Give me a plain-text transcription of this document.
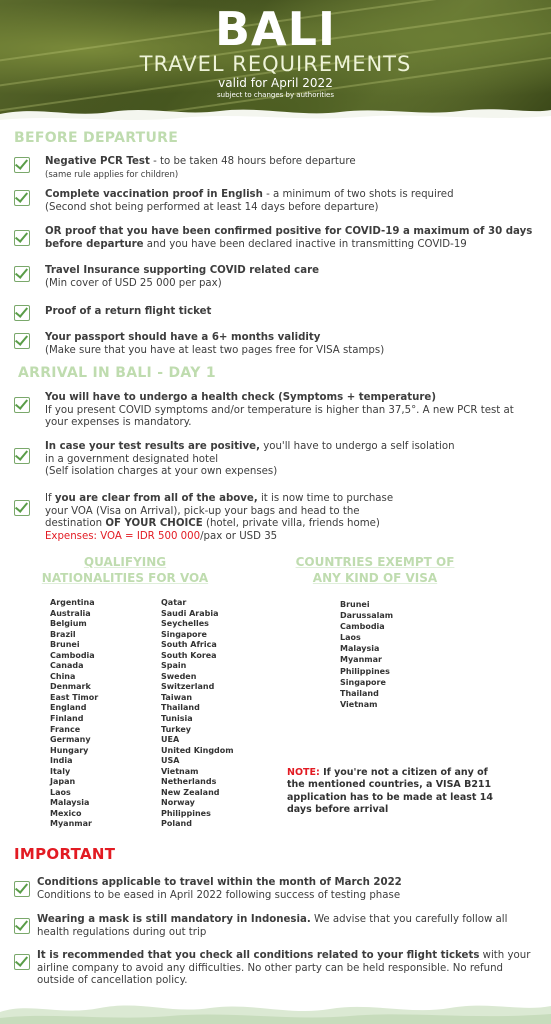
BALI
TRAVEL REQUIREMENTS
valid for April 2022
subject to changes by authorities
BEFORE DEPARTURE
Negative PCR Test - to be taken 48 hours before departure
(same rule applies for children)
Complete vaccination proof in English - a minimum of two shots is required
(Second shot being performed at least 14 days before departure)
OR proof that you have been confirmed positive for COVID-19 a maximum of 30 days before departure and you have been declared inactive in transmitting COVID-19
Travel Insurance supporting COVID related care
(Min cover of USD 25 000 per pax)
Proof of a return flight ticket
Your passport should have a 6+ months validity
(Make sure that you have at least two pages free for VISA stamps)
ARRIVAL IN BALI - DAY 1
You will have to undergo a health check (Symptoms + temperature)
If you present COVID symptoms and/or temperature is higher than 37,5°. A new PCR test at your expenses is mandatory.
In case your test results are positive, you'll have to undergo a self isolation in a government designated hotel
(Self isolation charges at your own expenses)
If you are clear from all of the above, it is now time to purchase your VOA (Visa on Arrival), pick-up your bags and head to the destination OF YOUR CHOICE (hotel, private villa, friends home)
Expenses: VOA = IDR 500 000/pax or USD 35
QUALIFYING
NATIONALITIES FOR VOA
COUNTRIES EXEMPT OF
ANY KIND OF VISA
Argentina
Australia
Belgium
Brazil
Brunei
Cambodia
Canada
China
Denmark
East Timor
England
Finland
France
Germany
Hungary
India
Italy
Japan
Laos
Malaysia
Mexico
Myanmar
Qatar
Saudi Arabia
Seychelles
Singapore
South Africa
South Korea
Spain
Sweden
Switzerland
Taiwan
Thailand
Tunisia
Turkey
UEA
United Kingdom
USA
Vietnam
Netherlands
New Zealand
Norway
Philippines
Poland
Brunei
Darussalam
Cambodia
Laos
Malaysia
Myanmar
Philippines
Singapore
Thailand
Vietnam
NOTE: If you're not a citizen of any of the mentioned countries, a VISA B211 application has to be made at least 14 days before arrival
IMPORTANT
Conditions applicable to travel within the month of March 2022
Conditions to be eased in April 2022 following success of testing phase
Wearing a mask is still mandatory in Indonesia. We advise that you carefully follow all health regulations during out trip
It is recommended that you check all conditions related to your flight tickets with your airline company to avoid any difficulties. No other party can be held responsible. No refund outside of cancellation policy.
